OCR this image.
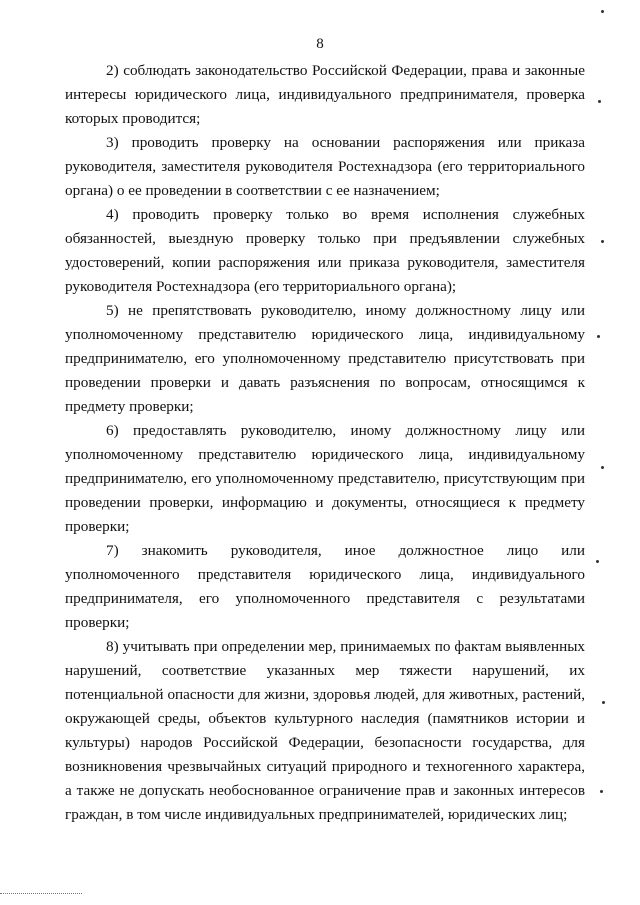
8

2) соблюдать законодательство Российской Федерации, права и законные интересы юридического лица, индивидуального предпринимателя, проверка которых проводится;

3) проводить проверку на основании распоряжения или приказа руководителя, заместителя руководителя Ростехнадзора (его территориального органа) о ее проведении в соответствии с ее назначением;

4) проводить проверку только во время исполнения служебных обязанностей, выездную проверку только при предъявлении служебных удостоверений, копии распоряжения или приказа руководителя, заместителя руководителя Ростехнадзора (его территориального органа);

5) не препятствовать руководителю, иному должностному лицу или уполномоченному представителю юридического лица, индивидуальному предпринимателю, его уполномоченному представителю присутствовать при проведении проверки и давать разъяснения по вопросам, относящимся к предмету проверки;

6) предоставлять руководителю, иному должностному лицу или уполномоченному представителю юридического лица, индивидуальному предпринимателю, его уполномоченному представителю, присутствующим при проведении проверки, информацию и документы, относящиеся к предмету проверки;

7) знакомить руководителя, иное должностное лицо или уполномоченного представителя юридического лица, индивидуального предпринимателя, его уполномоченного представителя с результатами проверки;

8) учитывать при определении мер, принимаемых по фактам выявленных нарушений, соответствие указанных мер тяжести нарушений, их потенциальной опасности для жизни, здоровья людей, для животных, растений, окружающей среды, объектов культурного наследия (памятников истории и культуры) народов Российской Федерации, безопасности государства, для возникновения чрезвычайных ситуаций природного и техногенного характера, а также не допускать необоснованное ограничение прав и законных интересов граждан, в том числе индивидуальных предпринимателей, юридических лиц;
